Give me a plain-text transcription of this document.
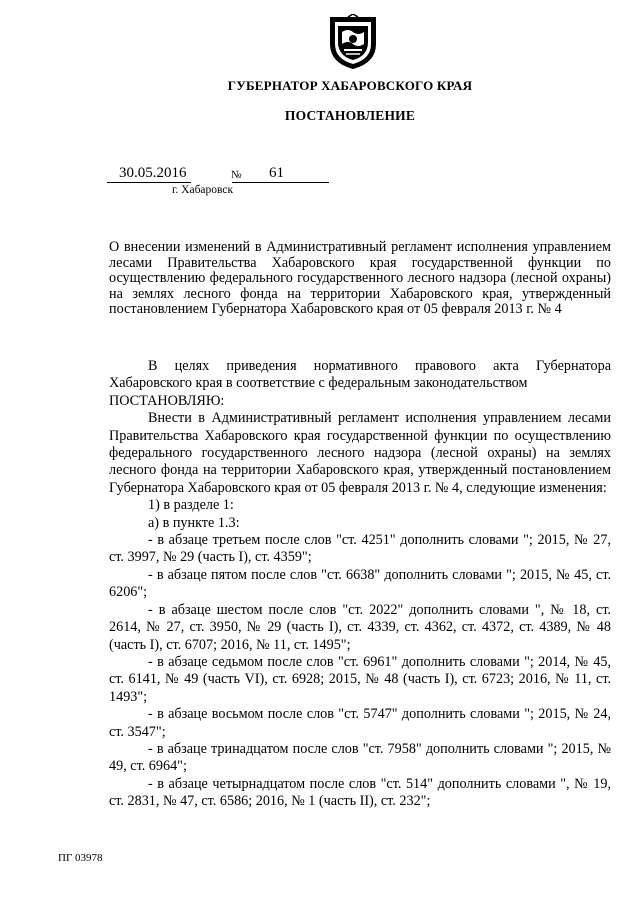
ГУБЕРНАТОР ХАБАРОВСКОГО КРАЯ
ПОСТАНОВЛЕНИЕ
30.05.2016	№ 61
г. Хабаровск
О внесении изменений в Административный регламент исполнения управлением лесами Правительства Хабаровского края государственной функции по осуществлению федерального государственного лесного надзора (лесной охраны) на землях лесного фонда на территории Хабаровского края, утвержденный постановлением Губернатора Хабаровского края от 05 февраля 2013 г. № 4

В целях приведения нормативного правового акта Губернатора Хабаровского края в соответствие с федеральным законодательством

ПОСТАНОВЛЯЮ:

Внести в Административный регламент исполнения управлением лесами Правительства Хабаровского края государственной функции по осуществлению федерального государственного лесного надзора (лесной охраны) на землях лесного фонда на территории Хабаровского края, утвержденный постановлением Губернатора Хабаровского края от 05 февраля 2013 г. № 4, следующие изменения:

1) в разделе 1:

а) в пункте 1.3:

- в абзаце третьем после слов "ст. 4251" дополнить словами "; 2015, № 27, ст. 3997, № 29 (часть I), ст. 4359";

- в абзаце пятом после слов "ст. 6638" дополнить словами "; 2015, № 45, ст. 6206";

- в абзаце шестом после слов "ст. 2022" дополнить словами ", № 18, ст. 2614, № 27, ст. 3950, № 29 (часть I), ст. 4339, ст. 4362, ст. 4372, ст. 4389, № 48 (часть I), ст. 6707; 2016, № 11, ст. 1495";

- в абзаце седьмом после слов "ст. 6961" дополнить словами "; 2014, № 45, ст. 6141, № 49 (часть VI), ст. 6928; 2015, № 48 (часть I), ст. 6723; 2016, № 11, ст. 1493";

- в абзаце восьмом после слов "ст. 5747" дополнить словами "; 2015, № 24, ст. 3547";

- в абзаце тринадцатом после слов "ст. 7958" дополнить словами "; 2015, № 49, ст. 6964";

- в абзаце четырнадцатом после слов "ст. 514" дополнить словами ", № 19, ст. 2831, № 47, ст. 6586; 2016, № 1 (часть II), ст. 232";

ПГ 03978
